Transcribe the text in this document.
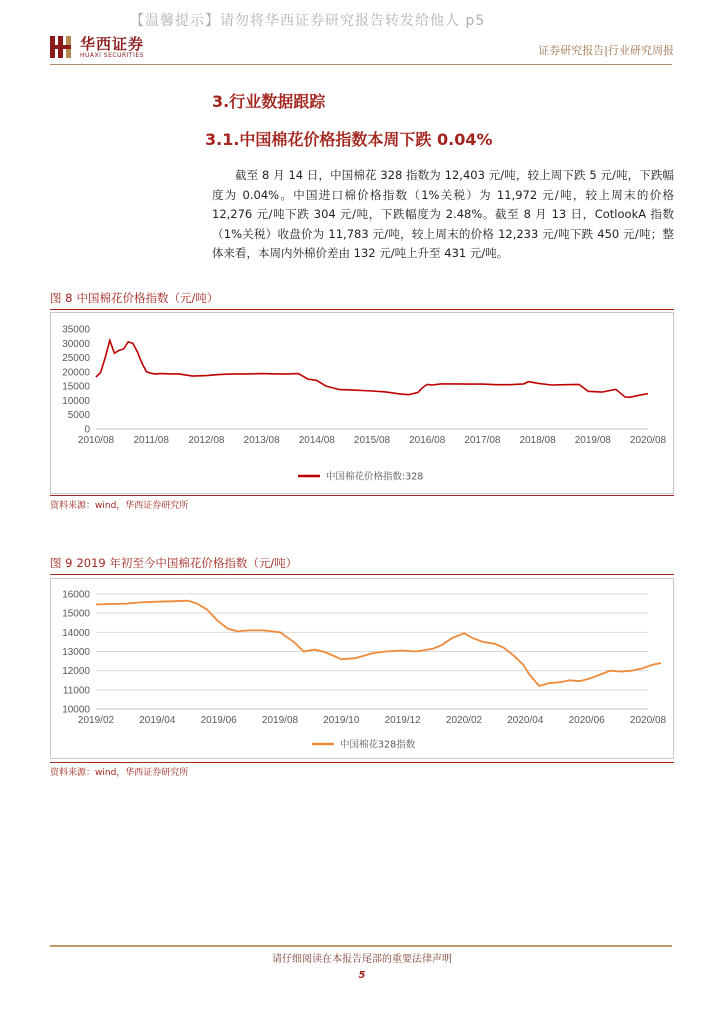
【温馨提示】请勿将华西证券研究报告转发给他人 p5
华西证券
HUAXI SECURITIES	证券研究报告|行业研究周报
3.行业数据跟踪
3.1.中国棉花价格指数本周下跌 0.04%

截至 8 月 14 日，中国棉花 328 指数为 12,403 元/吨，较上周下跌 5 元/吨，下跌幅度为 0.04%。中国进口棉价格指数（1%关税）为 11,972 元/吨，较上周末的价格 12,276 元/吨下跌 304 元/吨，下跌幅度为 2.48%。截至 8 月 13 日，CotlookA 指数（1%关税）收盘价为 11,783 元/吨，较上周末的价格 12,233 元/吨下跌 450 元/吨；整体来看，本周内外棉价差由 132 元/吨上升至 431 元/吨。

图 8 中国棉花价格指数（元/吨）
0
5000
10000
15000
20000
25000
30000
35000
2010/08 2011/08 2012/08 2013/08 2014/08 2015/08 2016/08 2017/08 2018/08 2019/08 2020/08
中国棉花价格指数:328
资料来源：wind，华西证券研究所
图 9 2019 年初至今中国棉花价格指数（元/吨）
10000
11000
12000
13000
14000
15000
16000
2019/02	2019/04	2019/06	2019/08	2019/10	2019/12	2020/02	2020/04	2020/06	2020/08
中国棉花328指数
资料来源：wind，华西证券研究所
请仔细阅读在本报告尾部的重要法律声明
5
